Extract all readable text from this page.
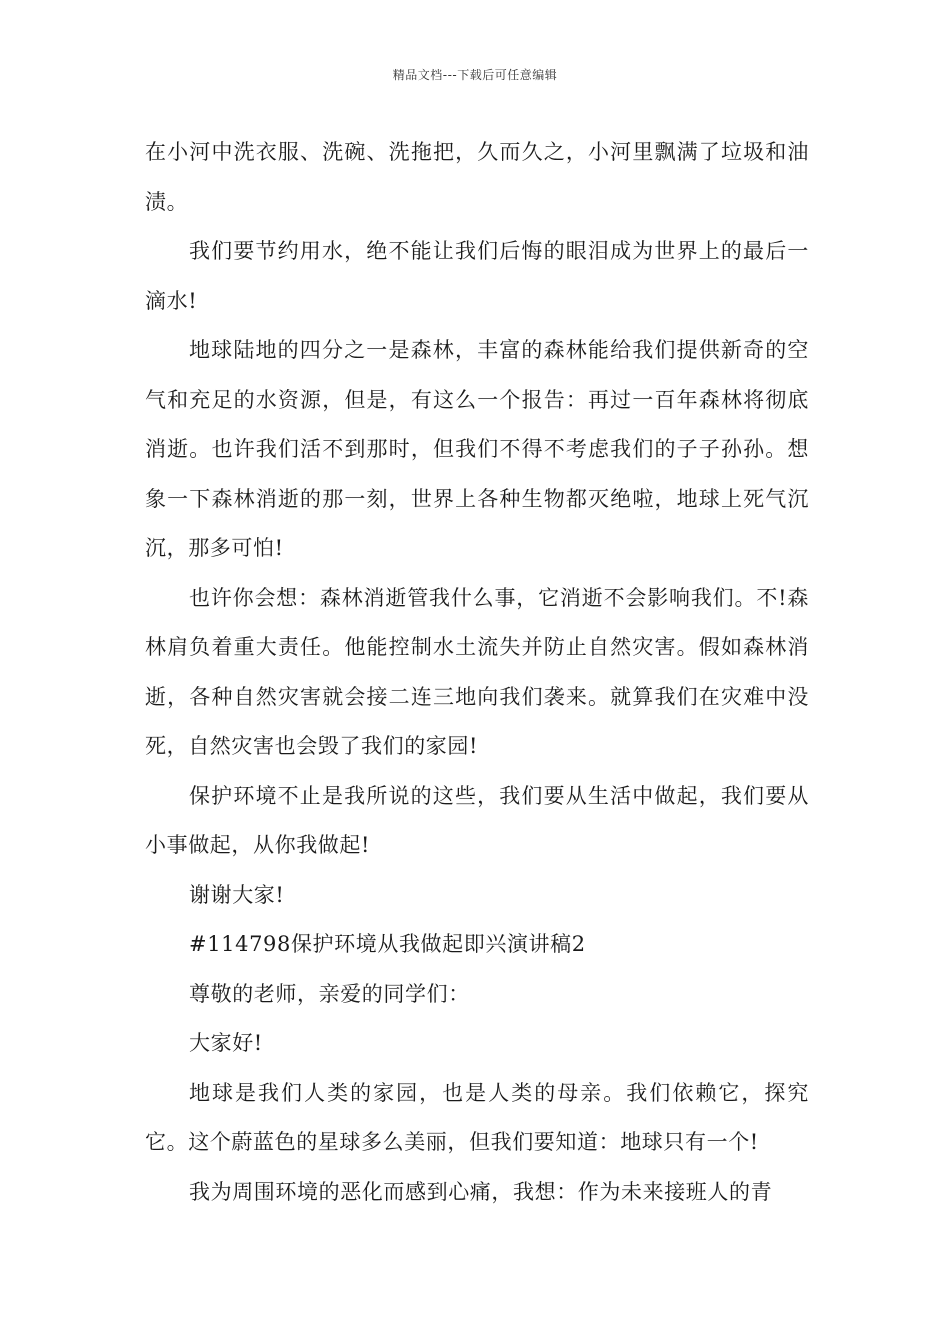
精品文档---下载后可任意编辑

在小河中洗衣服、洗碗、洗拖把，久而久之，小河里飘满了垃圾和油渍。

我们要节约用水，绝不能让我们后悔的眼泪成为世界上的最后一滴水!

地球陆地的四分之一是森林，丰富的森林能给我们提供新奇的空气和充足的水资源，但是，有这么一个报告：再过一百年森林将彻底消逝。也许我们活不到那时，但我们不得不考虑我们的子子孙孙。想象一下森林消逝的那一刻，世界上各种生物都灭绝啦，地球上死气沉沉，那多可怕!

也许你会想：森林消逝管我什么事，它消逝不会影响我们。不!森林肩负着重大责任。他能控制水土流失并防止自然灾害。假如森林消逝，各种自然灾害就会接二连三地向我们袭来。就算我们在灾难中没死，自然灾害也会毁了我们的家园!

保护环境不止是我所说的这些，我们要从生活中做起，我们要从小事做起，从你我做起!

谢谢大家!

#114798保护环境从我做起即兴演讲稿2

尊敬的老师，亲爱的同学们：

大家好!

地球是我们人类的家园，也是人类的母亲。我们依赖它，探究它。这个蔚蓝色的星球多么美丽，但我们要知道：地球只有一个!

我为周围环境的恶化而感到心痛，我想：作为未来接班人的青
